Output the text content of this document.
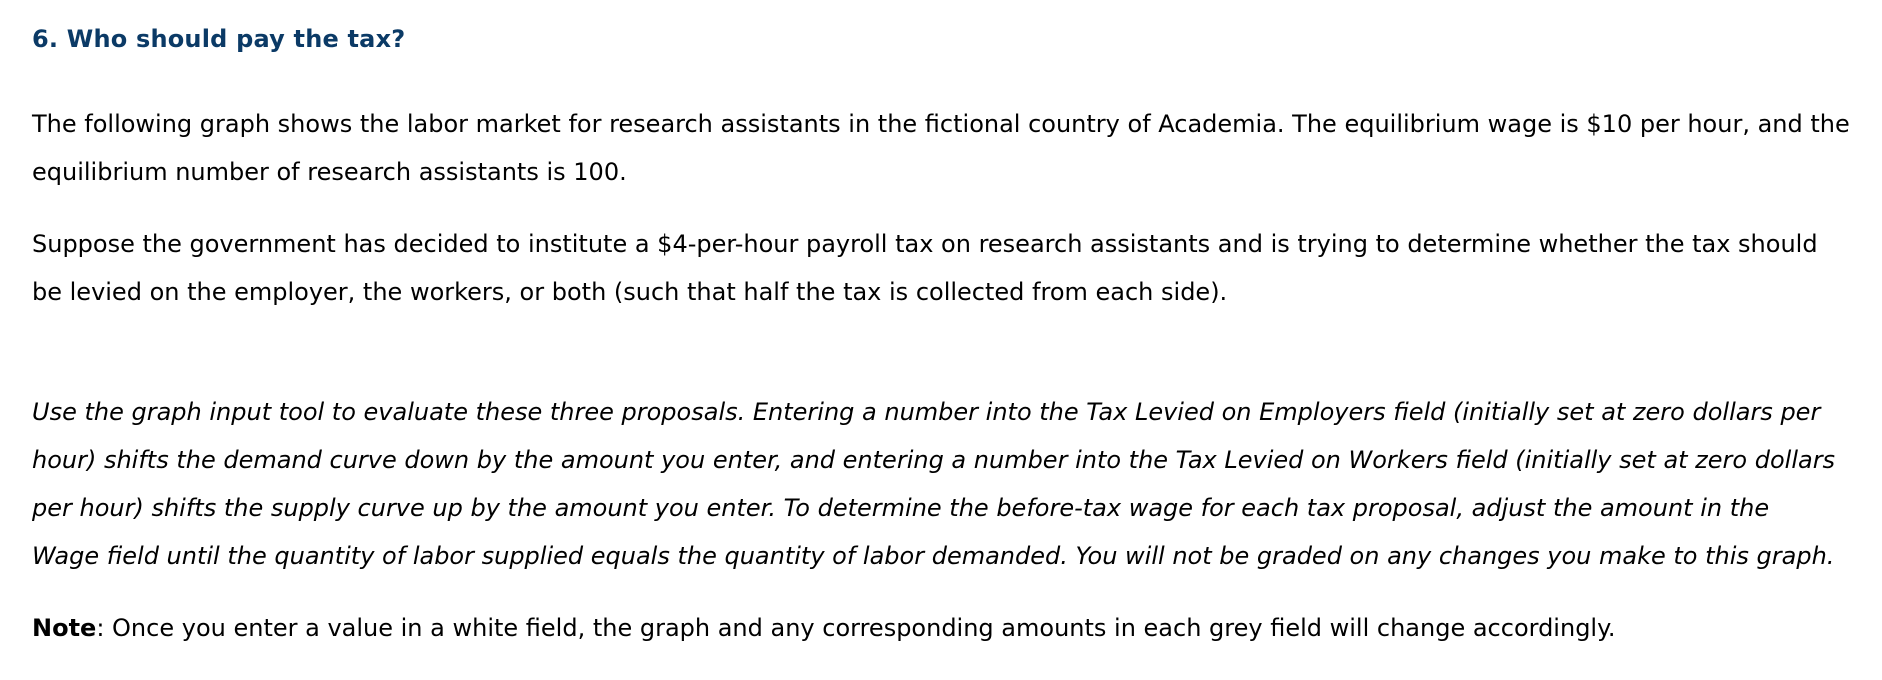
6. Who should pay the tax?

The following graph shows the labor market for research assistants in the fictional country of Academia. The equilibrium wage is $10 per hour, and the
equilibrium number of research assistants is 100.

Suppose the government has decided to institute a $4-per-hour payroll tax on research assistants and is trying to determine whether the tax should
be levied on the employer, the workers, or both (such that half the tax is collected from each side).

Use the graph input tool to evaluate these three proposals. Entering a number into the Tax Levied on Employers field (initially set at zero dollars per
hour) shifts the demand curve down by the amount you enter, and entering a number into the Tax Levied on Workers field (initially set at zero dollars
per hour) shifts the supply curve up by the amount you enter. To determine the before-tax wage for each tax proposal, adjust the amount in the
Wage field until the quantity of labor supplied equals the quantity of labor demanded. You will not be graded on any changes you make to this graph.

Note: Once you enter a value in a white field, the graph and any corresponding amounts in each grey field will change accordingly.
